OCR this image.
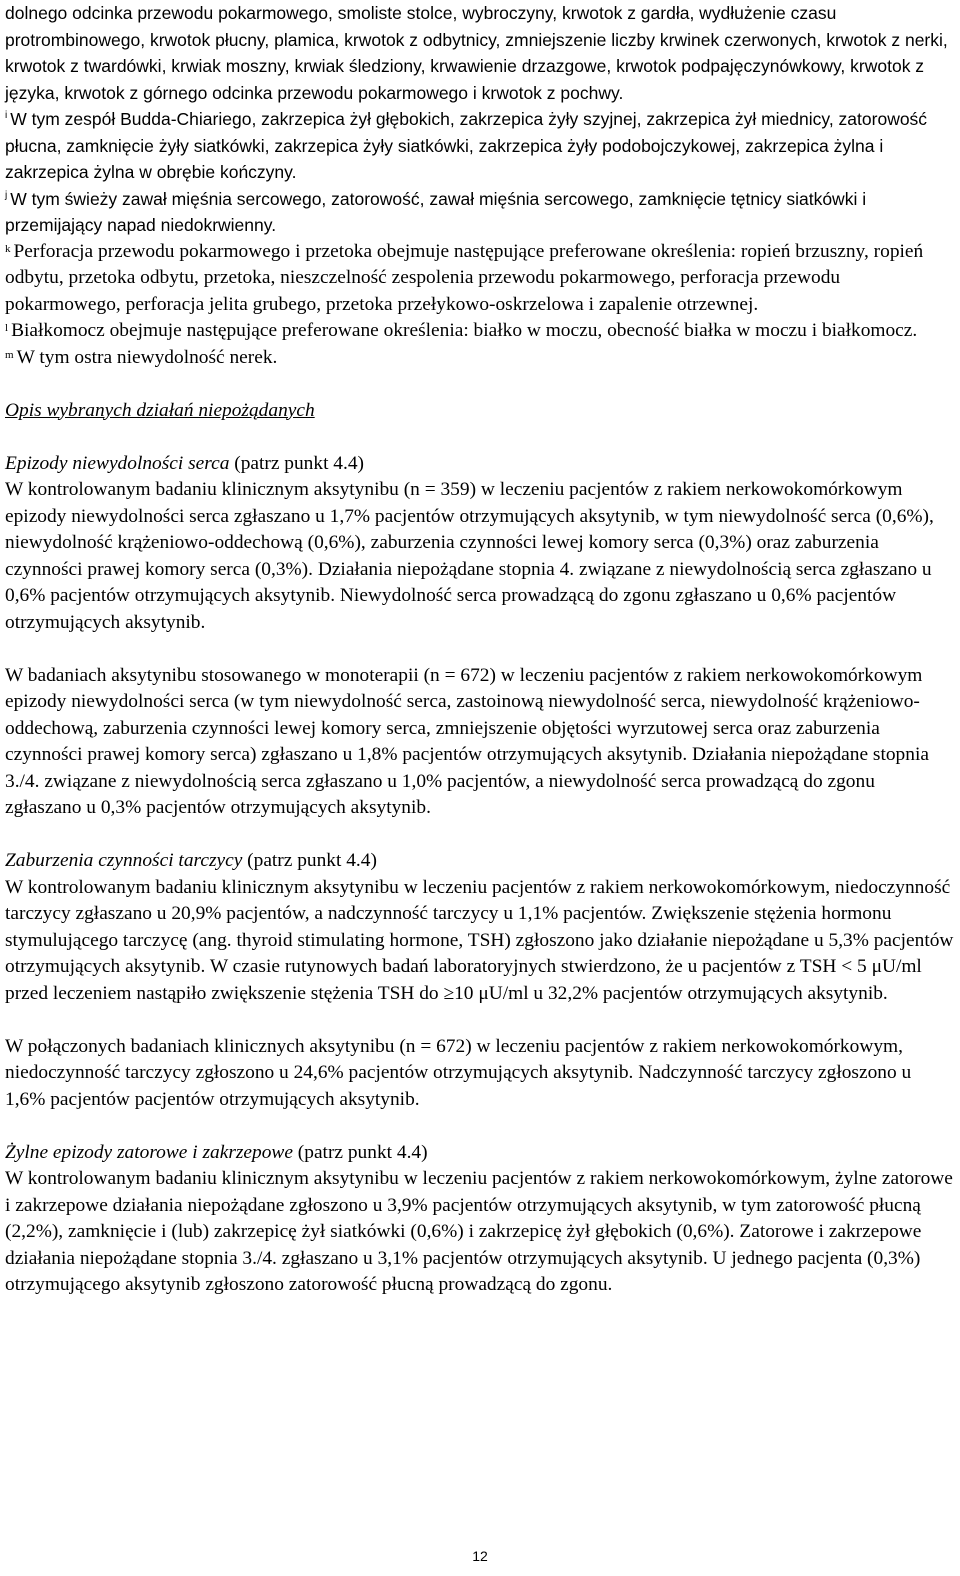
dolnego odcinka przewodu pokarmowego, smoliste stolce, wybroczyny, krwotok z gardła, wydłużenie czasu protrombinowego, krwotok płucny, plamica, krwotok z odbytnicy, zmniejszenie liczby krwinek czerwonych, krwotok z nerki, krwotok z twardówki, krwiak moszny, krwiak śledziony, krwawienie drzazgowe, krwotok podpajęczynówkowy, krwotok z języka, krwotok z górnego odcinka przewodu pokarmowego i krwotok z pochwy.

$^i$ W tym zespół Budda-Chiariego, zakrzepica żył głębokich, zakrzepica żyły szyjnej, zakrzepica żył miednicy, zatorowość płucna, zamknięcie żyły siatkówki, zakrzepica żyły siatkówki, zakrzepica żyły podobojczykowej, zakrzepica żylna i zakrzepica żylna w obrębie kończyny.

$^j$ W tym świeży zawał mięśnia sercowego, zatorowość, zawał mięśnia sercowego, zamknięcie tętnicy siatkówki i przemijający napad niedokrwienny.

$^k$ Perforacja przewodu pokarmowego i przetoka obejmuje następujące preferowane określenia: ropień brzuszny, ropień odbytu, przetoka odbytu, przetoka, nieszczelność zespolenia przewodu pokarmowego, perforacja przewodu pokarmowego, perforacja jelita grubego, przetoka przełykowo-oskrzelowa i zapalenie otrzewnej.

$^l$ Białkomocz obejmuje następujące preferowane określenia: białko w moczu, obecność białka w moczu i białkomocz.

$^m$ W tym ostra niewydolność nerek.

Opis wybranych działań niepożądanych

Epizody niewydolności serca (patrz punkt 4.4)

W kontrolowanym badaniu klinicznym aksytynibu (n = 359) w leczeniu pacjentów z rakiem nerkowokomórkowym epizody niewydolności serca zgłaszano u 1,7% pacjentów otrzymujących aksytynib, w tym niewydolność serca (0,6%), niewydolność krążeniowo-oddechową (0,6%), zaburzenia czynności lewej komory serca (0,3%) oraz zaburzenia czynności prawej komory serca (0,3%). Działania niepożądane stopnia 4. związane z niewydolnością serca zgłaszano u 0,6% pacjentów otrzymujących aksytynib. Niewydolność serca prowadzącą do zgonu zgłaszano u 0,6% pacjentów otrzymujących aksytynib.

W badaniach aksytynibu stosowanego w monoterapii (n = 672) w leczeniu pacjentów z rakiem nerkowokomórkowym epizody niewydolności serca (w tym niewydolność serca, zastoinową niewydolność serca, niewydolność krążeniowo-oddechową, zaburzenia czynności lewej komory serca, zmniejszenie objętości wyrzutowej serca oraz zaburzenia czynności prawej komory serca) zgłaszano u 1,8% pacjentów otrzymujących aksytynib. Działania niepożądane stopnia 3./4. związane z niewydolnością serca zgłaszano u 1,0% pacjentów, a niewydolność serca prowadzącą do zgonu zgłaszano u 0,3% pacjentów otrzymujących aksytynib.

Zaburzenia czynności tarczycy (patrz punkt 4.4)

W kontrolowanym badaniu klinicznym aksytynibu w leczeniu pacjentów z rakiem nerkowokomórkowym, niedoczynność tarczycy zgłaszano u 20,9% pacjentów, a nadczynność tarczycy u 1,1% pacjentów. Zwiększenie stężenia hormonu stymulującego tarczycę (ang. thyroid stimulating hormone, TSH) zgłoszono jako działanie niepożądane u 5,3% pacjentów otrzymujących aksytynib. W czasie rutynowych badań laboratoryjnych stwierdzono, że u pacjentów z TSH < 5 μU/ml przed leczeniem nastąpiło zwiększenie stężenia TSH do ≥10 μU/ml u 32,2% pacjentów otrzymujących aksytynib.

W połączonych badaniach klinicznych aksytynibu (n = 672) w leczeniu pacjentów z rakiem nerkowokomórkowym, niedoczynność tarczycy zgłoszono u 24,6% pacjentów otrzymujących aksytynib. Nadczynność tarczycy zgłoszono u 1,6% pacjentów pacjentów otrzymujących aksytynib.

Żylne epizody zatorowe i zakrzepowe (patrz punkt 4.4)

W kontrolowanym badaniu klinicznym aksytynibu w leczeniu pacjentów z rakiem nerkowokomórkowym, żylne zatorowe i zakrzepowe działania niepożądane zgłoszono u 3,9% pacjentów otrzymujących aksytynib, w tym zatorowość płucną (2,2%), zamknięcie i (lub) zakrzepicę żył siatkówki (0,6%) i zakrzepicę żył głębokich (0,6%). Zatorowe i zakrzepowe działania niepożądane stopnia 3./4. zgłaszano u 3,1% pacjentów otrzymujących aksytynib. U jednego pacjenta (0,3%) otrzymującego aksytynib zgłoszono zatorowość płucną prowadzącą do zgonu.

12
